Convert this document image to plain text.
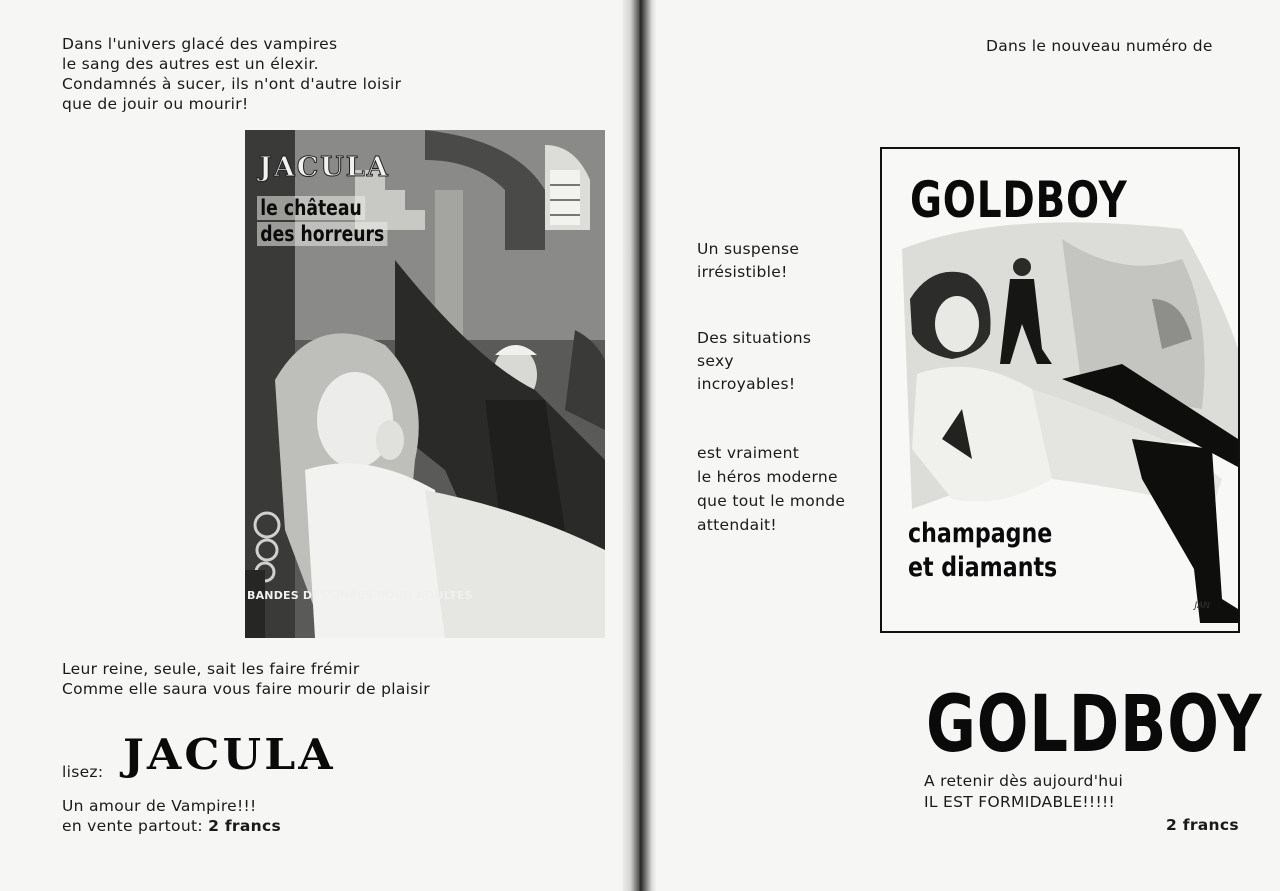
Dans l'univers glacé des vampires
le sang des autres est un élexir.
Condamnés à sucer, ils n'ont d'autre loisir
que de jouir ou mourir!
JACULA
le château
des horreurs
BANDES DESSINÉES POUR ADULTES
Leur reine, seule, sait les faire frémir
Comme elle saura vous faire mourir de plaisir
lisez: JACULA
Un amour de Vampire!!!
en vente partout: 2 francs
Dans le nouveau numéro de
GOLDBOY
champagne
et diamants
JAN
Un suspense
irrésistible!
Des situations
sexy
incroyables!
est vraiment
le héros moderne
que tout le monde
attendait!
GOLDBOY
A retenir dès aujourd'hui
IL EST FORMIDABLE!!!!!
2 francs
